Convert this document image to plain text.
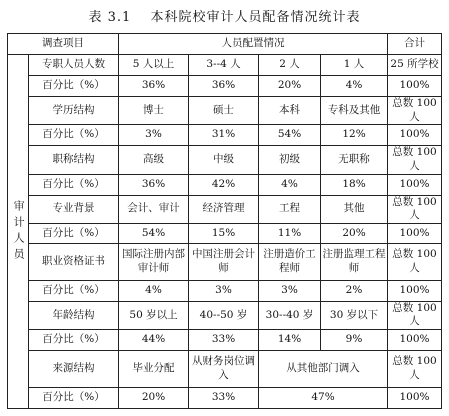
表 3.1 本科院校审计人员配备情况统计表
调查项目		人员配置情况				合计
审计人员	专职人员人数	5 人以上	3--4 人	2 人	1 人	25 所学校
	百分比（%）	36%	36%	20%	4%	100%
	学历结构	博士	硕士	本科	专科及其他	总数 100 人
	百分比（%）	3%	31%	54%	12%	100%
	职称结构	高级	中级	初级	无职称	总数 100 人
	百分比（%）	36%	42%	4%	18%	100%
	专业背景	会计、审计	经济管理	工程	其他	总数 100 人
	百分比（%）	54%	15%	11%	20%	100%
	职业资格证书	国际注册内部审计师	中国注册会计师	注册造价工程师	注册监理工程师	总数 100 人
	百分比（%）	4%	3%	3%	2%	100%
	年龄结构	50 岁以上	40--50 岁	30--40 岁	30 岁以下	总数 100 人
	百分比（%）	44%	33%	14%	9%	100%
	来源结构	毕业分配	从财务岗位调入	从其他部门调入		总数 100 人
	百分比（%）	20%	33%	47%		100%
